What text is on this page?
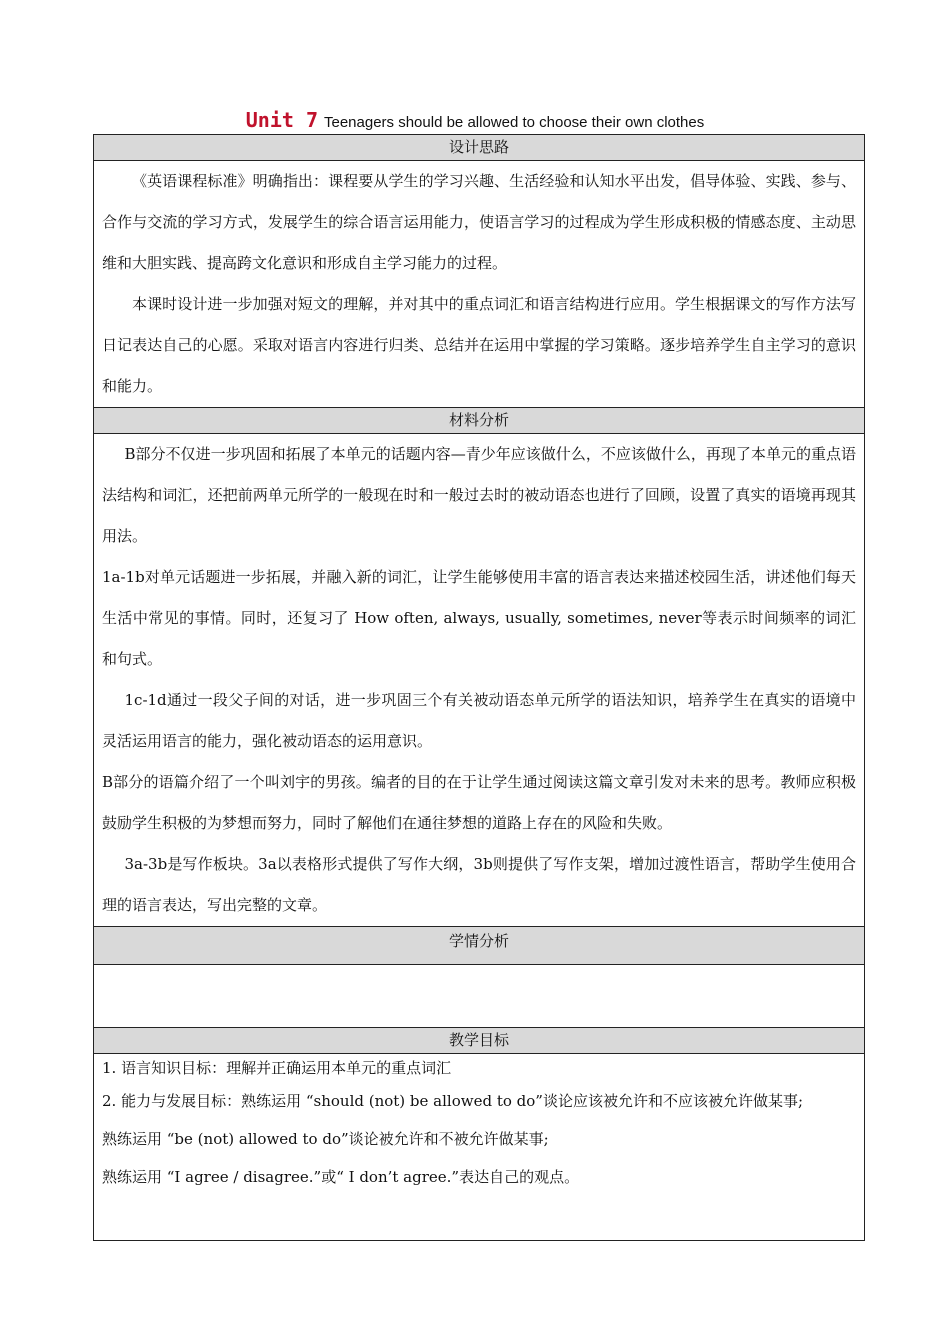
Unit 7 Teenagers should be allowed to choose their own clothes
设计思路

《英语课程标准》明确指出：课程要从学生的学习兴趣、生活经验和认知水平出发，倡导体验、实践、参与、合作与交流的学习方式，发展学生的综合语言运用能力，使语言学习的过程成为学生形成积极的情感态度、主动思维和大胆实践、提高跨文化意识和形成自主学习能力的过程。

本课时设计进一步加强对短文的理解，并对其中的重点词汇和语言结构进行应用。学生根据课文的写作方法写日记表达自己的心愿。采取对语言内容进行归类、总结并在运用中掌握的学习策略。逐步培养学生自主学习的意识和能力。

材料分析

B部分不仅进一步巩固和拓展了本单元的话题内容—青少年应该做什么，不应该做什么，再现了本单元的重点语法结构和词汇，还把前两单元所学的一般现在时和一般过去时的被动语态也进行了回顾，设置了真实的语境再现其用法。

1a-1b对单元话题进一步拓展，并融入新的词汇，让学生能够使用丰富的语言表达来描述校园生活，讲述他们每天生活中常见的事情。同时，还复习了 How often, always, usually, sometimes, never等表示时间频率的词汇和句式。

1c-1d通过一段父子间的对话，进一步巩固三个有关被动语态单元所学的语法知识，培养学生在真实的语境中灵活运用语言的能力，强化被动语态的运用意识。

B部分的语篇介绍了一个叫刘宇的男孩。编者的目的在于让学生通过阅读这篇文章引发对未来的思考。教师应积极鼓励学生积极的为梦想而努力，同时了解他们在通往梦想的道路上存在的风险和失败。

3a-3b是写作板块。3a以表格形式提供了写作大纲，3b则提供了写作支架，增加过渡性语言，帮助学生使用合理的语言表达，写出完整的文章。

学情分析

教学目标

1. 语言知识目标：理解并正确运用本单元的重点词汇

2. 能力与发展目标：熟练运用 “should (not) be allowed to do”谈论应该被允许和不应该被允许做某事;

熟练运用 “be (not) allowed to do”谈论被允许和不被允许做某事;

熟练运用 “I agree / disagree.”或“ I don’t agree.”表达自己的观点。
